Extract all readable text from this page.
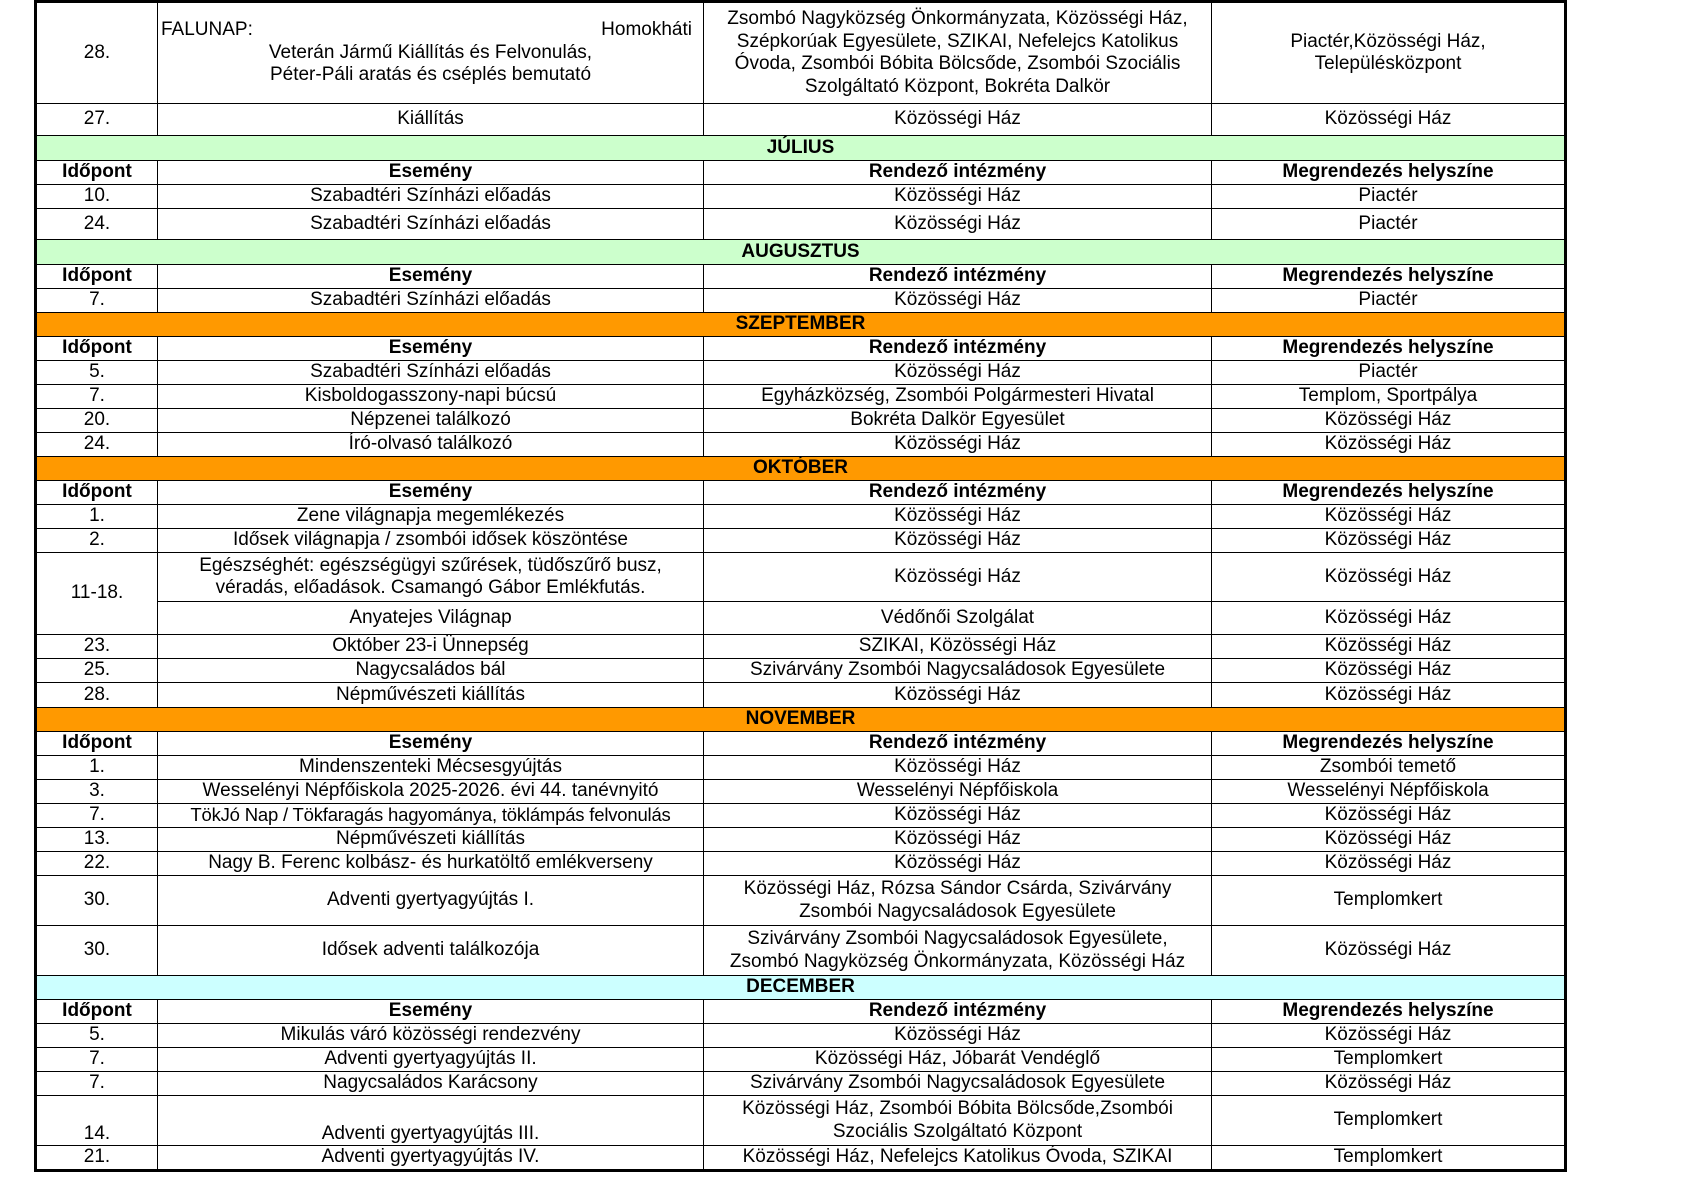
28.	FALUNAP: Homokháti
Veterán Jármű Kiállítás és Felvonulás,
Péter-Páli aratás és cséplés bemutató	Zsombó Nagyközség Önkormányzata, Közösségi Ház,
Szépkorúak Egyesülete, SZIKAI, Nefelejcs Katolikus
Óvoda, Zsombói Bóbita Bölcsőde, Zsombói Szociális
Szolgáltató Központ, Bokréta Dalkör	Piactér,Közösségi Ház,
Településközpont

27.	Kiállítás	Közösségi Ház	Közösségi Ház
JÚLIUS			
Időpont	Esemény	Rendező intézmény	Megrendezés helyszíne
10.	Szabadtéri Színházi előadás	Közösségi Ház	Piactér
24.	Szabadtéri Színházi előadás	Közösségi Ház	Piactér
AUGUSZTUS			
Időpont	Esemény	Rendező intézmény	Megrendezés helyszíne
7.	Szabadtéri Színházi előadás	Közösségi Ház	Piactér
SZEPTEMBER			
Időpont	Esemény	Rendező intézmény	Megrendezés helyszíne
5.	Szabadtéri Színházi előadás	Közösségi Ház	Piactér
7.	Kisboldogasszony-napi búcsú	Egyházközség, Zsombói Polgármesteri Hivatal	Templom, Sportpálya
20.	Népzenei találkozó	Bokréta Dalkör Egyesület	Közösségi Ház
24.	Író-olvasó találkozó	Közösségi Ház	Közösségi Ház
OKTÓBER			
Időpont	Esemény	Rendező intézmény	Megrendezés helyszíne
1.	Zene világnapja megemlékezés	Közösségi Ház	Közösségi Ház
2.	Idősek világnapja / zsombói idősek köszöntése	Közösségi Ház	Közösségi Ház
11-18.	Egészséghét: egészségügyi szűrések, tüdőszűrő busz,
véradás, előadások. Csamangó Gábor Emlékfutás.	Közösségi Ház	Közösségi Ház
	Anyatejes Világnap	Védőnői Szolgálat	Közösségi Ház
23.	Október 23-i Ünnepség	SZIKAI, Közösségi Ház	Közösségi Ház
25.	Nagycsaládos bál	Szivárvány Zsombói Nagycsaládosok Egyesülete	Közösségi Ház
28.	Népművészeti kiállítás	Közösségi Ház	Közösségi Ház
NOVEMBER			
Időpont	Esemény	Rendező intézmény	Megrendezés helyszíne
1.	Mindenszenteki Mécsesgyújtás	Közösségi Ház	Zsombói temető
3.	Wesselényi Népfőiskola 2025-2026. évi 44. tanévnyitó	Wesselényi Népfőiskola	Wesselényi Népfőiskola
7.	TökJó Nap / Tökfaragás hagyománya, töklámpás felvonulás	Közösségi Ház	Közösségi Ház
13.	Népművészeti kiállítás	Közösségi Ház	Közösségi Ház
22.	Nagy B. Ferenc kolbász- és hurkatöltő emlékverseny	Közösségi Ház	Közösségi Ház
30.	Adventi gyertyagyújtás I.	Közösségi Ház, Rózsa Sándor Csárda, Szivárvány
Zsombói Nagycsaládosok Egyesülete	Templomkert
30.	Idősek adventi találkozója	Szivárvány Zsombói Nagycsaládosok Egyesülete,
Zsombó Nagyközség Önkormányzata, Közösségi Ház	Közösségi Ház
DECEMBER			
Időpont	Esemény	Rendező intézmény	Megrendezés helyszíne
5.	Mikulás váró közösségi rendezvény	Közösségi Ház	Közösségi Ház
7.	Adventi gyertyagyújtás II.	Közösségi Ház, Jóbarát Vendéglő	Templomkert
7.	Nagycsaládos Karácsony	Szivárvány Zsombói Nagycsaládosok Egyesülete	Közösségi Ház
14.	Adventi gyertyagyújtás III.	Közösségi Ház, Zsombói Bóbita Bölcsőde,Zsombói
Szociális Szolgáltató Központ	Templomkert
21.	Adventi gyertyagyújtás IV.	Közösségi Ház, Nefelejcs Katolikus Óvoda, SZIKAI	Templomkert
